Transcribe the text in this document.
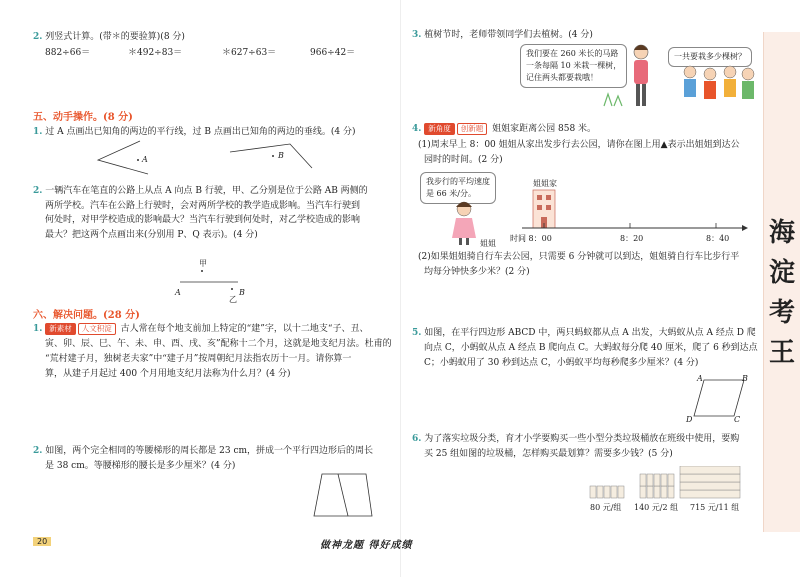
2. 列竖式计算。(带＊的要验算)(8 分)
882÷66＝	＊492÷83＝	＊627÷63＝	966÷42＝
五、动手操作。(8 分)
1. 过 A 点画出已知角的两边的平行线，过 B 点画出已知角的两边的垂线。(4 分)
A	B
2. 一辆汽车在笔直的公路上从点 A 向点 B 行驶，甲、乙分别是位于公路 AB 两侧的
两所学校。汽车在公路上行驶时，会对两所学校的教学造成影响。当汽车行驶到
何处时，对甲学校造成的影响最大？当汽车行驶到何处时，对乙学校造成的影响
最大？把这两个点画出来(分别用 P、Q 表示)。(4 分)
甲
A	B
乙
六、解决问题。(28 分)
1. 新素材 人文积淀 古人常在每个地支前加上特定的“建”字，以十二地支“子、丑、
寅、卯、辰、巳、午、未、申、酉、戌、亥”配称十二个月，这就是地支纪月法。杜甫的
“荒村建子月，独树老夫家”中“建子月”按周朝纪月法指农历十一月。请你算一
算，从建子月起过 400 个月用地支纪月法称为什么月？(4 分)
2. 如图，两个完全相同的等腰梯形的周长都是 23 cm，拼成一个平行四边形后的周长
是 38 cm。等腰梯形的腰长是多少厘米？(4 分)
20
3. 植树节时，老师带领同学们去植树。(4 分)
我们要在 260 米长的马路
一条每隔 10 米栽一棵树，
记住两头都要栽哦！
一共要栽多少棵树？
4. 新角度 创新题 姐姐家距离公园 858 米。
(1)周末早上 8：00 姐姐从家出发步行去公园，请你在图上用▲表示出姐姐到达公
园时的时间。(2 分)
我步行的平均速度
是 66 米/分。
姐姐
姐姐家
时间 8：00	8：20	8：40
(2)如果姐姐骑自行车去公园，只需要 6 分钟就可以到达，姐姐骑自行车比步行平
均每分钟快多少米？(2 分)
5. 如图，在平行四边形 ABCD 中，两只蚂蚁都从点 A 出发，大蚂蚁从点 A 经点 D 爬
向点 C，小蚂蚁从点 A 经点 B 爬向点 C。大蚂蚁每分爬 40 厘米，爬了 6 秒到达点
C；小蚂蚁用了 30 秒到达点 C，小蚂蚁平均每秒爬多少厘米？(4 分)
A	B
C
D
6. 为了落实垃圾分类，育才小学要购买一些小型分类垃圾桶放在班级中使用，要购
买 25 组如图的垃圾桶，怎样购买最划算？需要多少钱？(5 分)
80 元/组 140 元/2 组 715 元/11 组
海
淀
考
王
做神龙题 得好成绩
